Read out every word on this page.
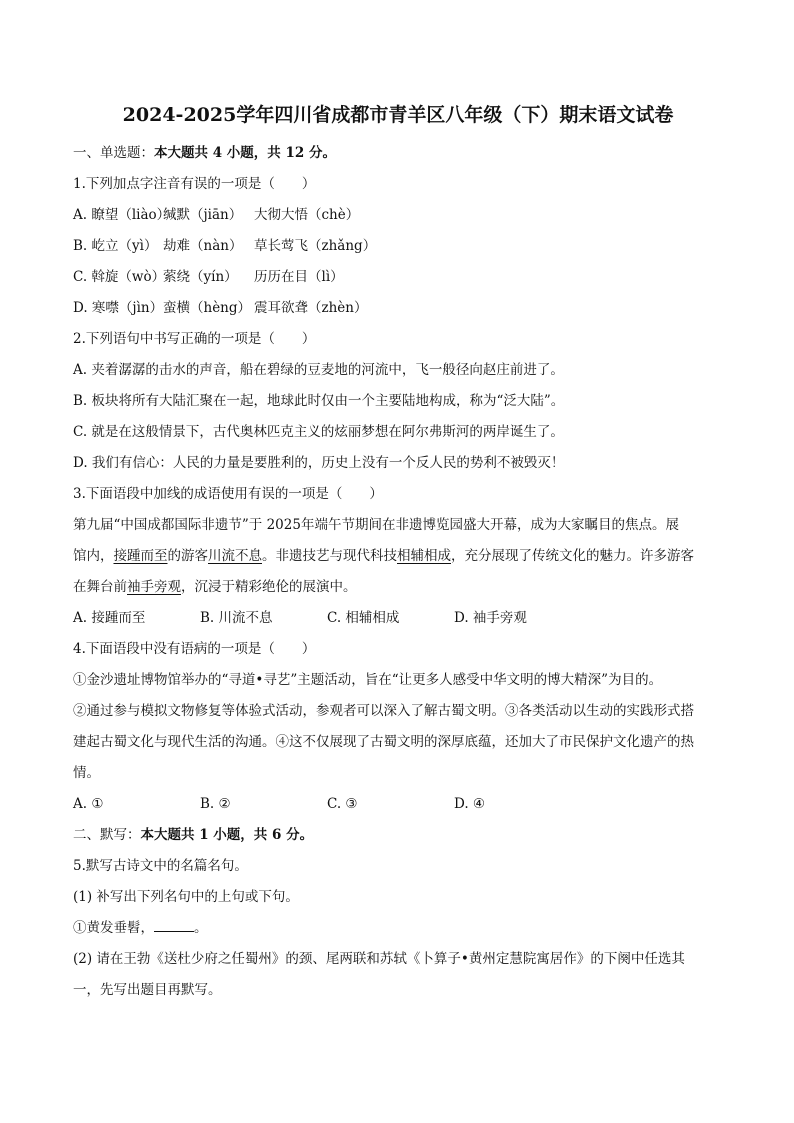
2024-2025学年四川省成都市青羊区八年级（下）期末语文试卷
一、单选题：本大题共 4 小题，共 12 分。
1.下列加点字注音有误的一项是（　　）
A. 瞭望（liào）
缄默（jiān） 大彻大悟（chè）
B. 屹立（yì） 劫难（nàn） 草长莺飞（zhǎng）
C. 斡旋（wò）
萦绕（yín）	历历在目（lì）
D. 寒噤（jìn） 蛮横（hèng） 震耳欲聋（zhèn）
2.下列语句中书写正确的一项是（　　）
A. 夹着潺潺的击水的声音，船在碧绿的豆麦地的河流中，飞一般径向赵庄前进了。
B. 板块将所有大陆汇聚在一起，地球此时仅由一个主要陆地构成，称为“泛大陆”。
C. 就是在这般情景下，古代奥林匹克主义的炫丽梦想在阿尔弗斯河的两岸诞生了。
D. 我们有信心：人民的力量是要胜利的，历史上没有一个反人民的势利不被毁灭！
3.下面语段中加线的成语使用有误的一项是（　　）
第九届“中国成都国际非遗节”于 2025年端午节期间在非遗博览园盛大开幕，成为大家瞩目的焦点。展
馆内，接踵而至的游客川流不息。非遗技艺与现代科技相辅相成，充分展现了传统文化的魅力。许多游客
在舞台前袖手旁观，沉浸于精彩绝伦的展演中。
A. 接踵而至	B. 川流不息	C. 相辅相成	D. 袖手旁观
4.下面语段中没有语病的一项是（　　）
①金沙遗址博物馆举办的“寻道•寻艺”主题活动，旨在“让更多人感受中华文明的博大精深”为目的。
②通过参与模拟文物修复等体验式活动，参观者可以深入了解古蜀文明。③各类活动以生动的实践形式搭
建起古蜀文化与现代生活的沟通。④这不仅展现了古蜀文明的深厚底蕴，还加大了市民保护文化遗产的热
情。
A. ①	B. ②	C. ③	D. ④
二、默写：本大题共 1 小题，共 6 分。
5.默写古诗文中的名篇名句。
(1) 补写出下列名句中的上句或下句。
①黄发垂髫，	。
(2) 请在王勃《送杜少府之任蜀州》的颈、尾两联和苏轼《卜算子•黄州定慧院寓居作》的下阕中任选其
一，先写出题目再默写。
